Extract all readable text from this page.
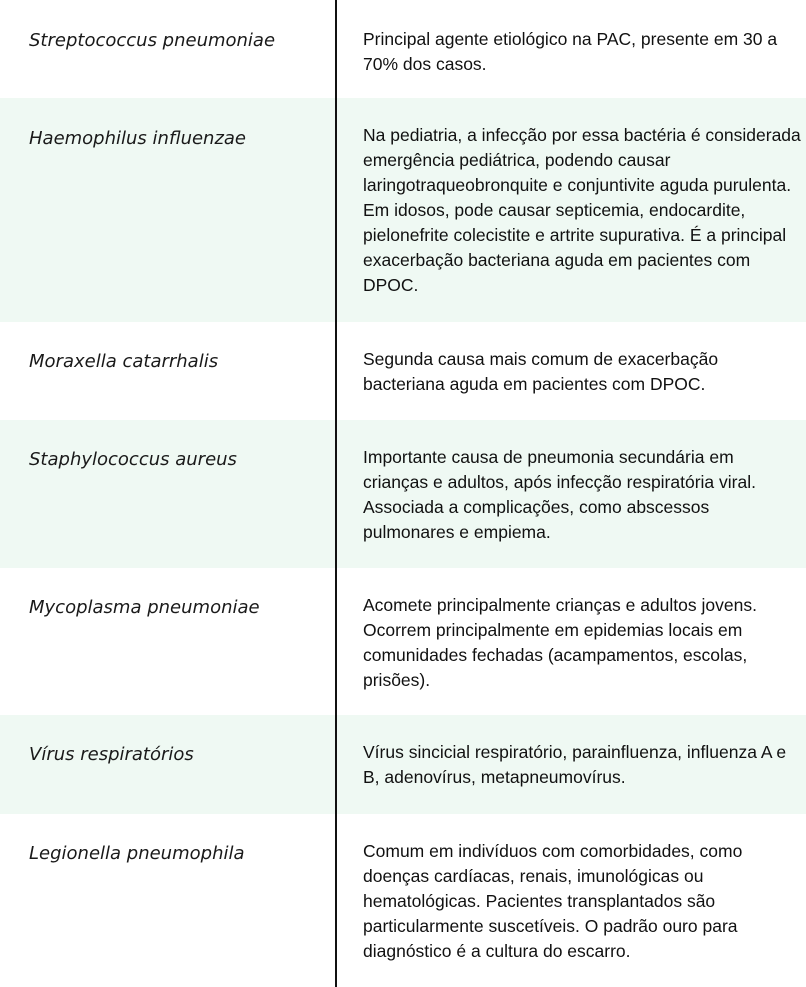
Streptococcus pneumoniae	Principal agente etiológico na PAC, presente em 30 a 70% dos casos.
Haemophilus influenzae	Na pediatria, a infecção por essa bactéria é considerada emergência pediátrica, podendo causar laringotraqueobronquite e conjuntivite aguda purulenta. Em idosos, pode causar septicemia, endocardite, pielonefrite colecistite e artrite supurativa. É a principal exacerbação bacteriana aguda em pacientes com DPOC.
Moraxella catarrhalis	Segunda causa mais comum de exacerbação bacteriana aguda em pacientes com DPOC.
Staphylococcus aureus	Importante causa de pneumonia secundária em crianças e adultos, após infecção respiratória viral. Associada a complicações, como abscessos pulmonares e empiema.
Mycoplasma pneumoniae	Acomete principalmente crianças e adultos jovens. Ocorrem principalmente em epidemias locais em comunidades fechadas (acampamentos, escolas, prisões).
Vírus respiratórios	Vírus sincicial respiratório, parainfluenza, influenza A e B, adenovírus, metapneumovírus.
Legionella pneumophila	Comum em indivíduos com comorbidades, como doenças cardíacas, renais, imunológicas ou hematológicas. Pacientes transplantados são particularmente suscetíveis. O padrão ouro para diagnóstico é a cultura do escarro.
